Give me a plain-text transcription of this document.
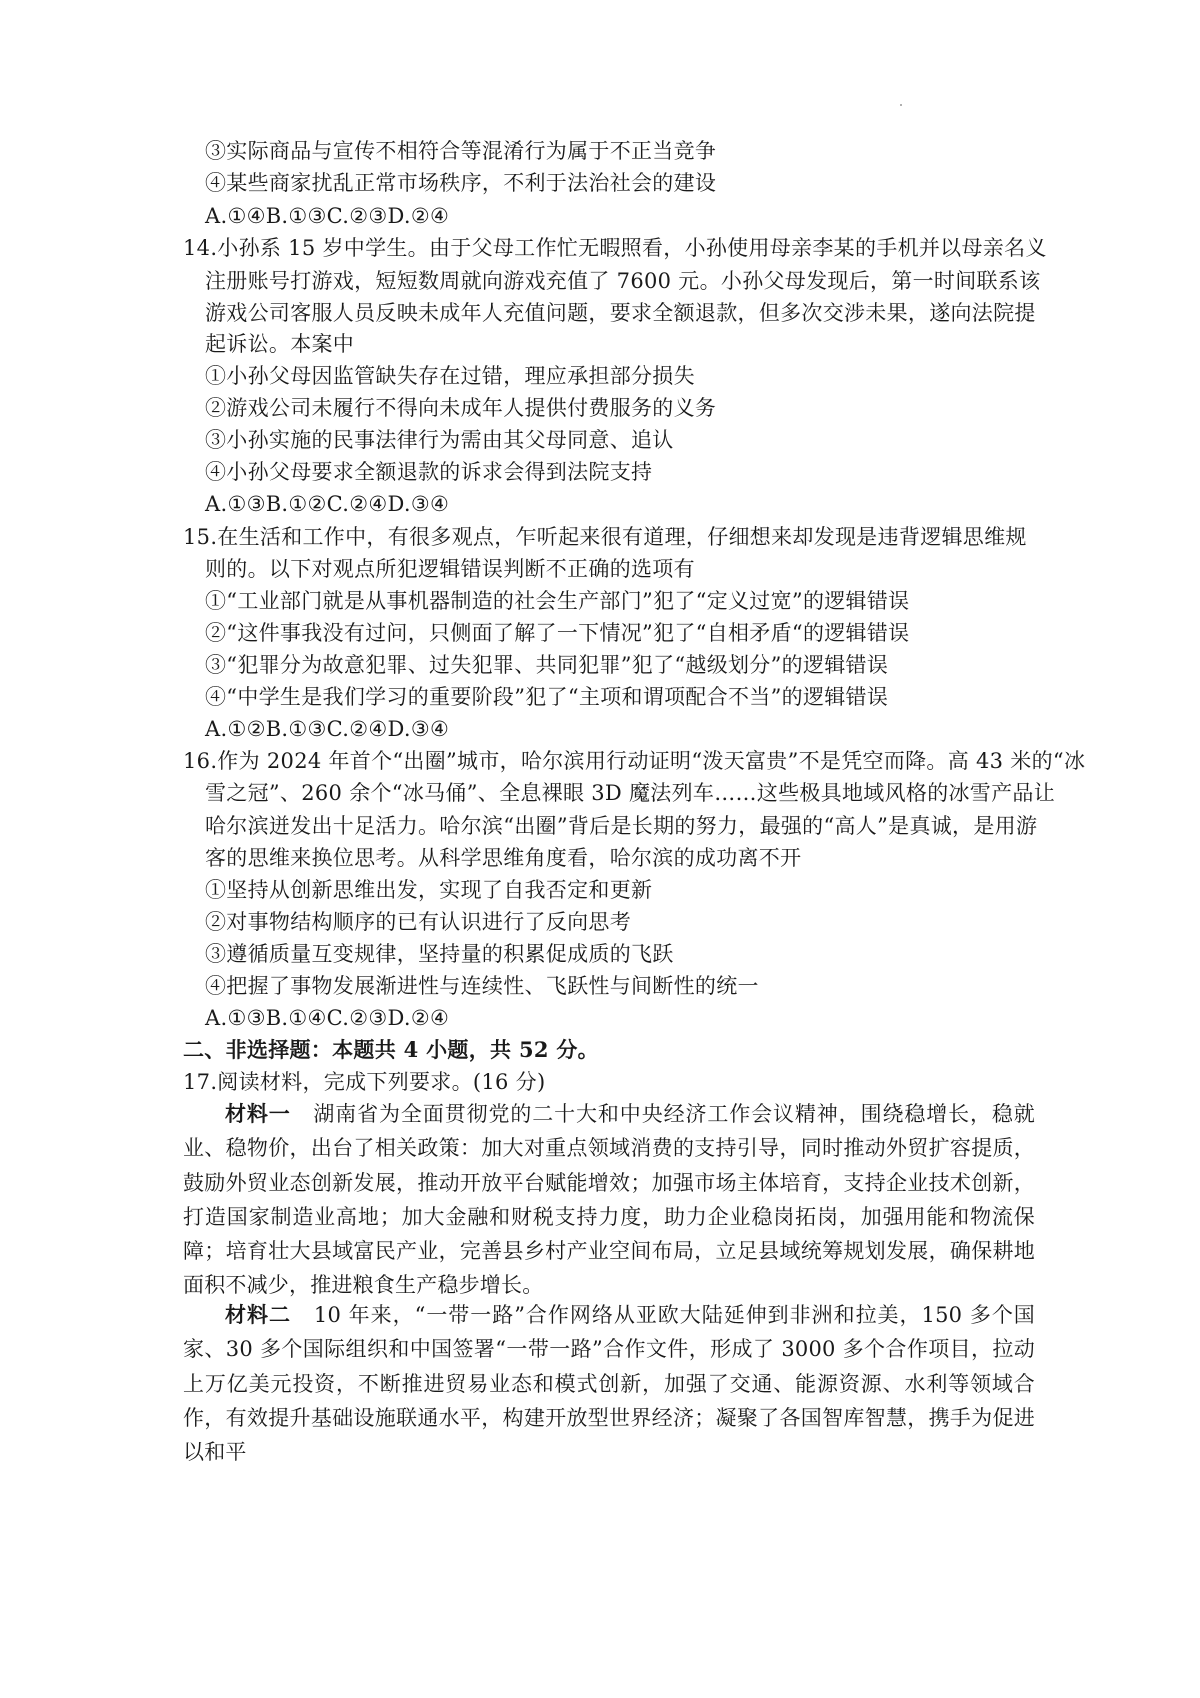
③实际商品与宣传不相符合等混淆行为属于不正当竞争
④某些商家扰乱正常市场秩序，不利于法治社会的建设
A.①④B.①③C.②③D.②④
14.小孙系 15 岁中学生。由于父母工作忙无暇照看，小孙使用母亲李某的手机并以母亲名义
注册账号打游戏，短短数周就向游戏充值了 7600 元。小孙父母发现后，第一时间联系该
游戏公司客服人员反映未成年人充值问题，要求全额退款，但多次交涉未果，遂向法院提
起诉讼。本案中
①小孙父母因监管缺失存在过错，理应承担部分损失
②游戏公司未履行不得向未成年人提供付费服务的义务
③小孙实施的民事法律行为需由其父母同意、追认
④小孙父母要求全额退款的诉求会得到法院支持
A.①③B.①②C.②④D.③④
15.在生活和工作中，有很多观点，乍听起来很有道理，仔细想来却发现是违背逻辑思维规
则的。以下对观点所犯逻辑错误判断不正确的选项有
①“工业部门就是从事机器制造的社会生产部门”犯了“定义过宽”的逻辑错误
②“这件事我没有过问，只侧面了解了一下情况”犯了“自相矛盾“的逻辑错误
③“犯罪分为故意犯罪、过失犯罪、共同犯罪”犯了“越级划分”的逻辑错误
④“中学生是我们学习的重要阶段”犯了“主项和谓项配合不当”的逻辑错误
A.①②B.①③C.②④D.③④
16.作为 2024 年首个“出圈”城市，哈尔滨用行动证明“泼天富贵”不是凭空而降。高 43 米的“冰
雪之冠”、260 余个“冰马俑”、全息裸眼 3D 魔法列车……这些极具地域风格的冰雪产品让
哈尔滨迸发出十足活力。哈尔滨“出圈”背后是长期的努力，最强的“高人”是真诚，是用游
客的思维来换位思考。从科学思维角度看，哈尔滨的成功离不开
①坚持从创新思维出发，实现了自我否定和更新
②对事物结构顺序的已有认识进行了反向思考
③遵循质量互变规律，坚持量的积累促成质的飞跃
④把握了事物发展渐进性与连续性、飞跃性与间断性的统一
A.①③B.①④C.②③D.②④
二、非选择题：本题共 4 小题，共 52 分。
17.阅读材料，完成下列要求。(16 分)
材料一 湖南省为全面贯彻党的二十大和中央经济工作会议精神，围绕稳增长，稳就业、稳物价，出台了相关政策：加大对重点领域消费的支持引导，同时推动外贸扩容提质，鼓励外贸业态创新发展，推动开放平台赋能增效；加强市场主体培育，支持企业技术创新，打造国家制造业高地；加大金融和财税支持力度，助力企业稳岗拓岗，加强用能和物流保障；培育壮大县域富民产业，完善县乡村产业空间布局，立足县域统筹规划发展，确保耕地面积不减少，推进粮食生产稳步增长。
材料二 10 年来，“一带一路”合作网络从亚欧大陆延伸到非洲和拉美，150 多个国家、30 多个国际组织和中国签署“一带一路”合作文件，形成了 3000 多个合作项目，拉动上万亿美元投资，不断推进贸易业态和模式创新，加强了交通、能源资源、水利等领域合作，有效提升基础设施联通水平，构建开放型世界经济；凝聚了各国智库智慧，携手为促进以和平
